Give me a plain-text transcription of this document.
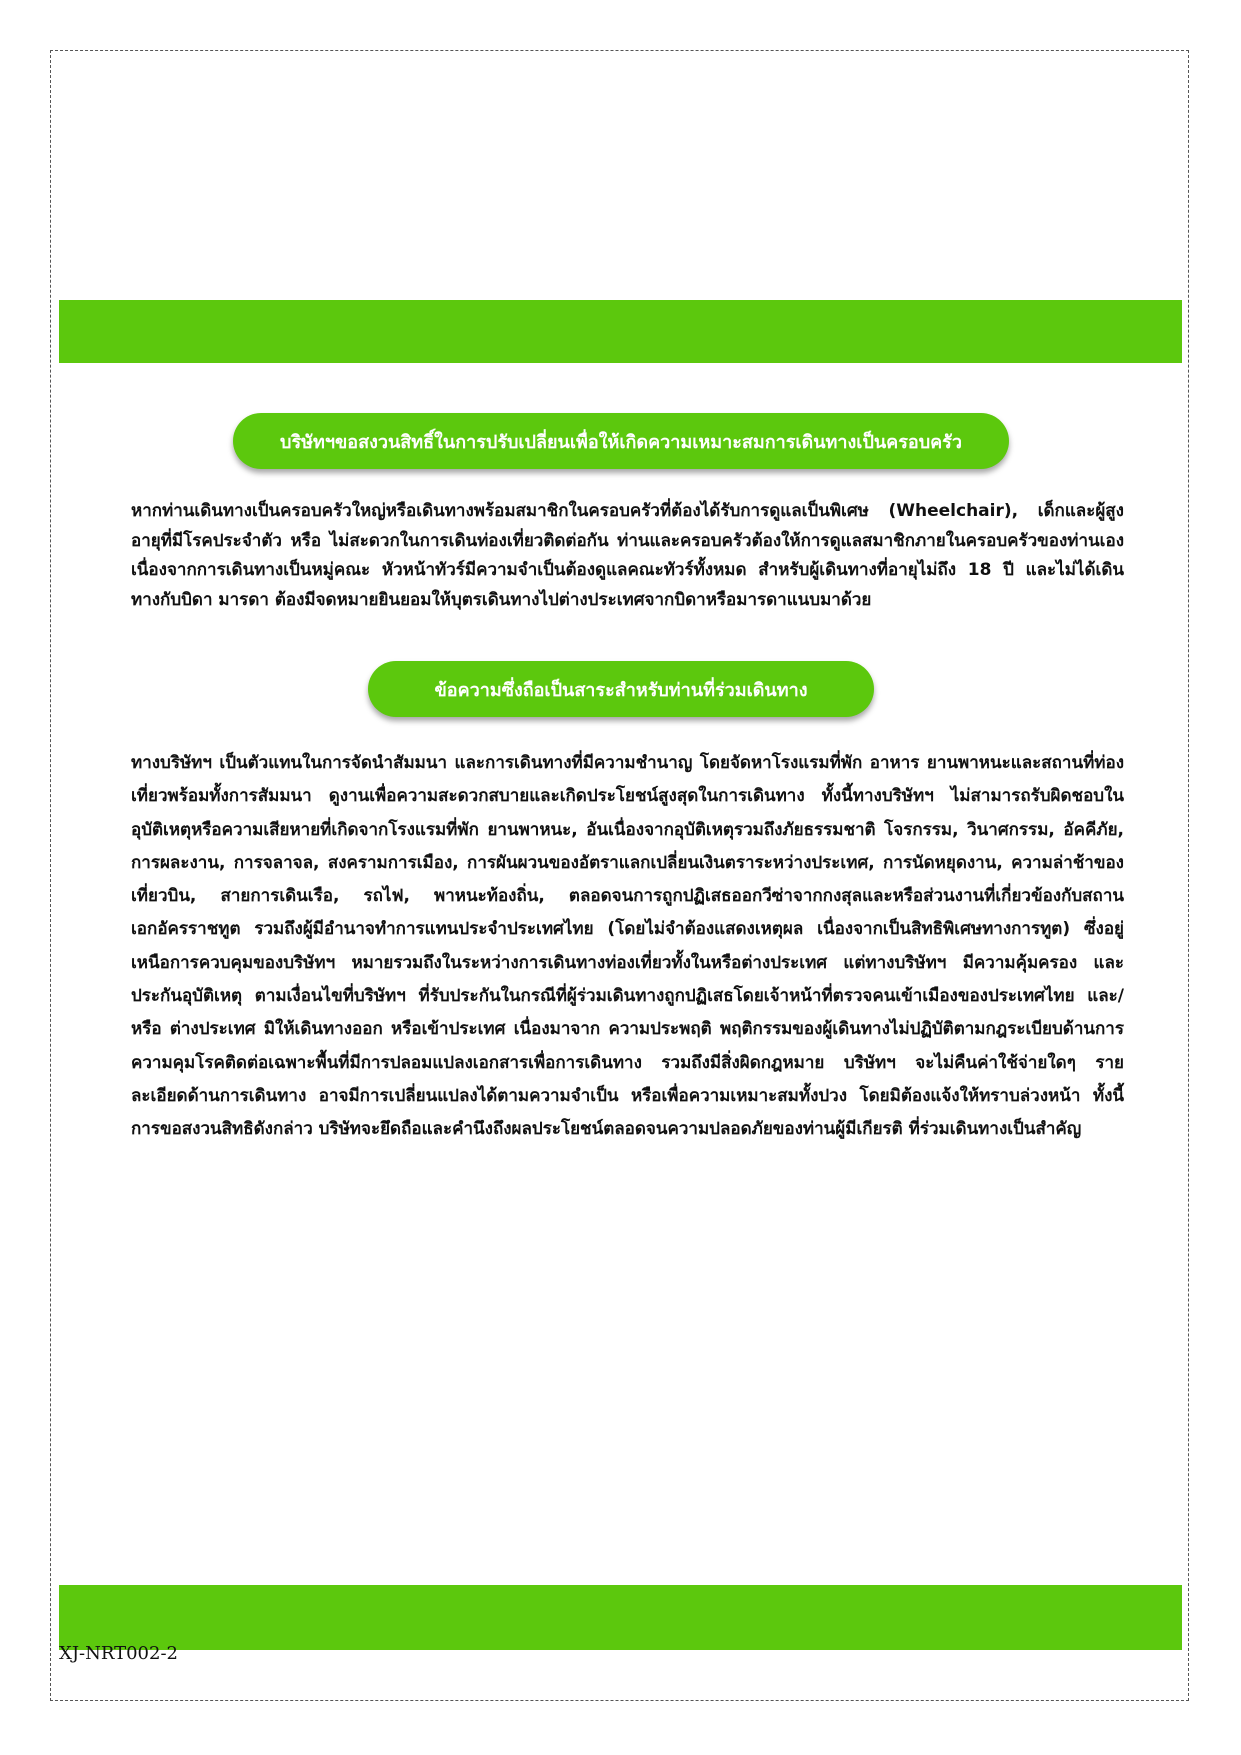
บริษัทฯขอสงวนสิทธิ์ในการปรับเปลี่ยนเพื่อให้เกิดความเหมาะสมการเดินทางเป็นครอบครัว

หากท่านเดินทางเป็นครอบครัวใหญ่หรือเดินทางพร้อมสมาชิกในครอบครัวที่ต้องได้รับการดูแลเป็นพิเศษ (Wheelchair), เด็กและผู้สูงอายุที่มีโรคประจำตัว หรือ ไม่สะดวกในการเดินท่องเที่ยวติดต่อกัน ท่านและครอบครัวต้องให้การดูแลสมาชิกภายในครอบครัวของท่านเอง เนื่องจากการเดินทางเป็นหมู่คณะ หัวหน้าทัวร์มีความจำเป็นต้องดูแลคณะทัวร์ทั้งหมด สำหรับผู้เดินทางที่อายุไม่ถึง 18 ปี และไม่ได้เดินทางกับบิดา มารดา ต้องมีจดหมายยินยอมให้บุตรเดินทางไปต่างประเทศจากบิดาหรือมารดาแนบมาด้วย

ข้อความซึ่งถือเป็นสาระสำหรับท่านที่ร่วมเดินทาง

ทางบริษัทฯ เป็นตัวแทนในการจัดนำสัมมนา และการเดินทางที่มีความชำนาญ โดยจัดหาโรงแรมที่พัก อาหาร ยานพาหนะและสถานที่ท่องเที่ยวพร้อมทั้งการสัมมนา ดูงานเพื่อความสะดวกสบายและเกิดประโยชน์สูงสุดในการเดินทาง ทั้งนี้ทางบริษัทฯ ไม่สามารถรับผิดชอบในอุบัติเหตุหรือความเสียหายที่เกิดจากโรงแรมที่พัก ยานพาหนะ, อันเนื่องจากอุบัติเหตุรวมถึงภัยธรรมชาติ โจรกรรม, วินาศกรรม, อัคคีภัย, การผละงาน, การจลาจล, สงครามการเมือง, การผันผวนของอัตราแลกเปลี่ยนเงินตราระหว่างประเทศ, การนัดหยุดงาน, ความล่าช้าของเที่ยวบิน, สายการเดินเรือ, รถไฟ, พาหนะท้องถิ่น, ตลอดจนการถูกปฏิเสธออกวีซ่าจากกงสุลและหรือส่วนงานที่เกี่ยวข้องกับสถานเอกอัครราชทูต รวมถึงผู้มีอำนาจทำการแทนประจำประเทศไทย (โดยไม่จำต้องแสดงเหตุผล เนื่องจากเป็นสิทธิพิเศษทางการทูต) ซึ่งอยู่เหนือการควบคุมของบริษัทฯ หมายรวมถึงในระหว่างการเดินทางท่องเที่ยวทั้งในหรือต่างประเทศ แต่ทางบริษัทฯ มีความคุ้มครอง และประกันอุบัติเหตุ ตามเงื่อนไขที่บริษัทฯ ที่รับประกันในกรณีที่ผู้ร่วมเดินทางถูกปฏิเสธโดยเจ้าหน้าที่ตรวจคนเข้าเมืองของประเทศไทย และ/หรือ ต่างประเทศ มิให้เดินทางออก หรือเข้าประเทศ เนื่องมาจาก ความประพฤติ พฤติกรรมของผู้เดินทางไม่ปฏิบัติตามกฎระเบียบด้านการความคุมโรคติดต่อเฉพาะพื้นที่มีการปลอมแปลงเอกสารเพื่อการเดินทาง รวมถึงมีสิ่งผิดกฎหมาย บริษัทฯ จะไม่คืนค่าใช้จ่ายใดๆ รายละเอียดด้านการเดินทาง อาจมีการเปลี่ยนแปลงได้ตามความจำเป็น หรือเพื่อความเหมาะสมทั้งปวง โดยมิต้องแจ้งให้ทราบล่วงหน้า ทั้งนี้การขอสงวนสิทธิดังกล่าว บริษัทจะยึดถือและคำนึงถึงผลประโยชน์ตลอดจนความปลอดภัยของท่านผู้มีเกียรติ ที่ร่วมเดินทางเป็นสำคัญ

XJ-NRT002-2
